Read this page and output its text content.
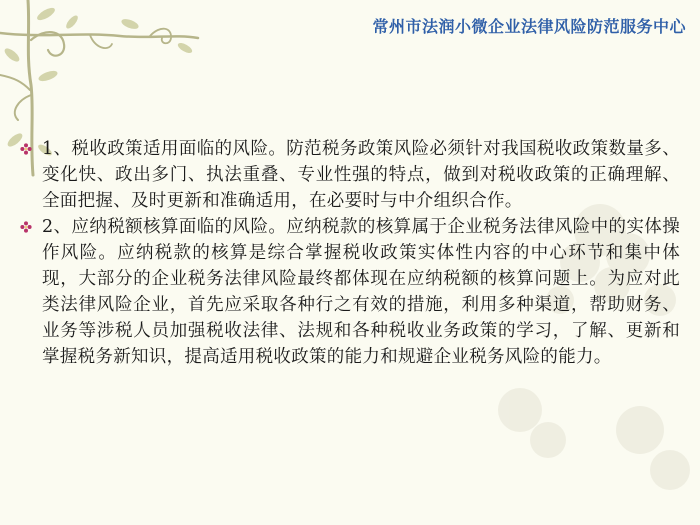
常州市法润小微企业法律风险防范服务中心
1、税收政策适用面临的风险。防范税务政策风险必须针对我国税收政策数量多、变化快、政出多门、执法重叠、专业性强的特点，做到对税收政策的正确理解、全面把握、及时更新和准确适用，在必要时与中介组织合作。
2、应纳税额核算面临的风险。应纳税款的核算属于企业税务法律风险中的实体操作风险。应纳税款的核算是综合掌握税收政策实体性内容的中心环节和集中体现，大部分的企业税务法律风险最终都体现在应纳税额的核算问题上。为应对此类法律风险企业，首先应采取各种行之有效的措施，利用多种渠道，帮助财务、业务等涉税人员加强税收法律、法规和各种税收业务政策的学习，了解、更新和掌握税务新知识，提高适用税收政策的能力和规避企业税务风险的能力。
